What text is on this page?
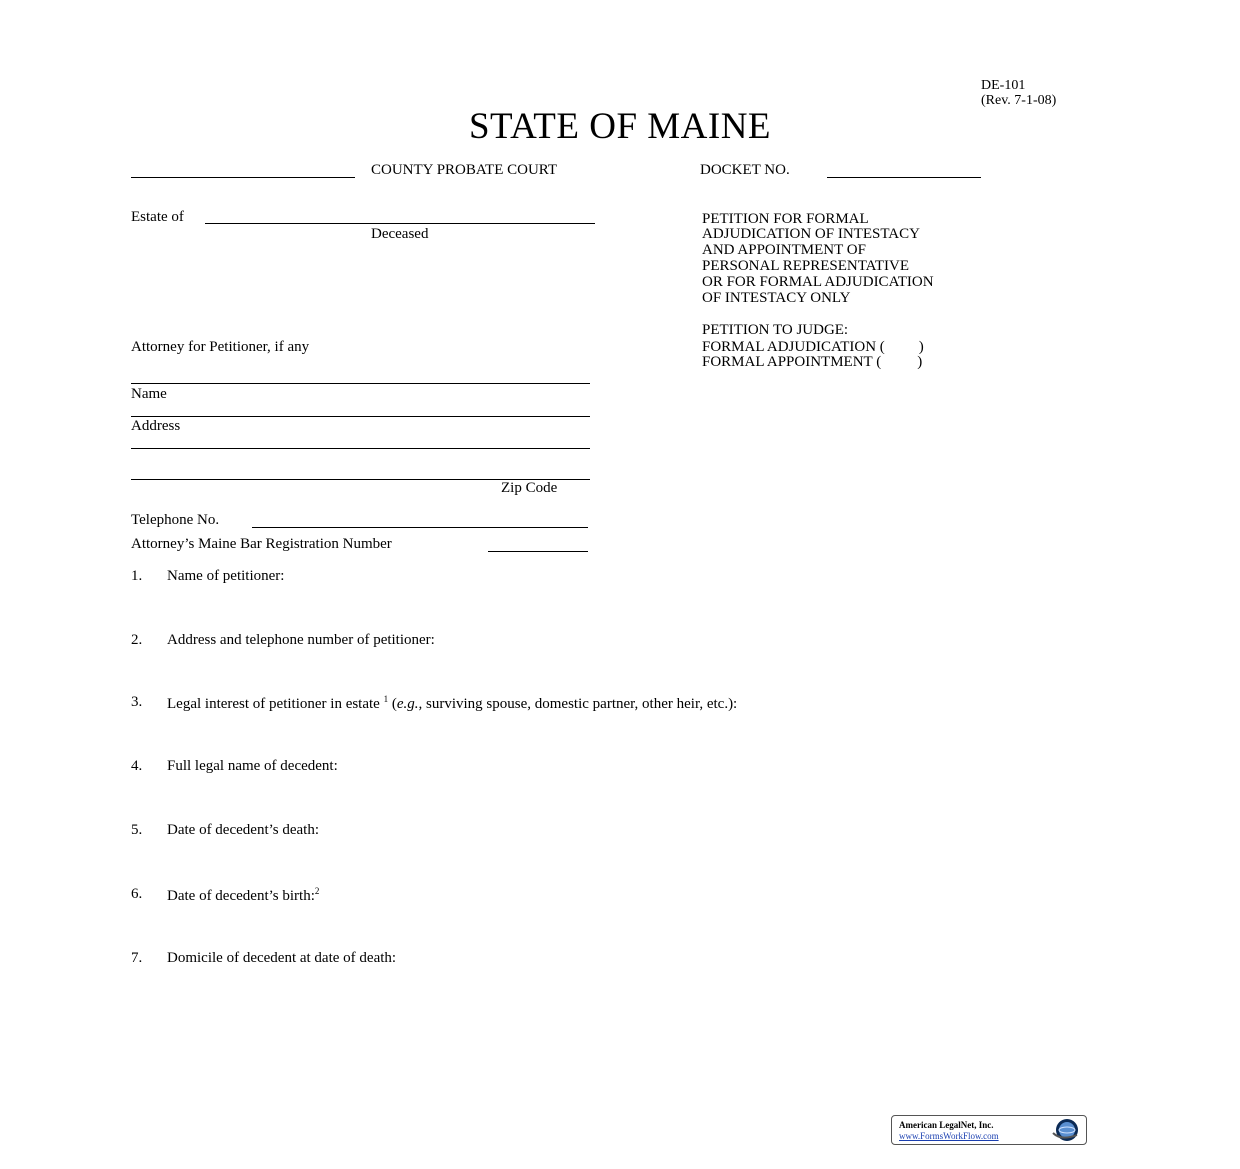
DE-101
(Rev. 7-1-08)
STATE OF MAINE
COUNTY PROBATE COURT	DOCKET NO.
Estate of
Deceased
PETITION FOR FORMAL
ADJUDICATION OF INTESTACY
AND APPOINTMENT OF
PERSONAL REPRESENTATIVE
OR FOR FORMAL ADJUDICATION
OF INTESTACY ONLY
PETITION TO JUDGE:
FORMAL ADJUDICATION ( )
FORMAL APPOINTMENT ( )
Attorney for Petitioner, if any
Name
Address
Zip Code
Telephone No.
Attorney’s Maine Bar Registration Number
1. Name of petitioner:
2. Address and telephone number of petitioner:
3. Legal interest of petitioner in estate $^1$ (e.g., surviving spouse, domestic partner, other heir, etc.):
4. Full legal name of decedent:
5. Date of decedent’s death:
6. Date of decedent’s birth:$^2$
7. Domicile of decedent at date of death:
American LegalNet, Inc.
www.FormsWorkFlow.com
